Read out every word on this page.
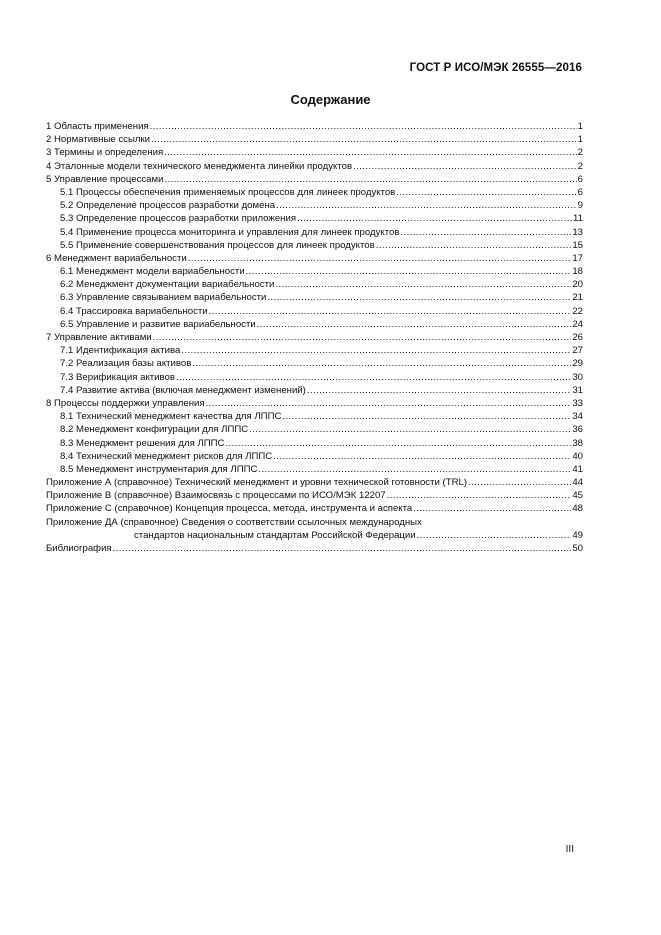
ГОСТ Р ИСО/МЭК 26555—2016
Содержание
1 Область применения .....	1
2 Нормативные ссылки .....	1
3 Термины и определения .....	2
4 Эталонные модели технического менеджмента линейки продуктов .....	2
5 Управление процессами .....	6
5.1 Процессы обеспечения применяемых процессов для линеек продуктов .....	6
5.2 Определение процессов разработки домена .....	9
5.3 Определение процессов разработки приложения .....	11
5.4 Применение процесса мониторинга и управления для линеек продуктов .....	13
5.5 Применение совершенствования процессов для линеек продуктов .....	15
6 Менеджмент вариабельности .....	17
6.1 Менеджмент модели вариабельности .....	18
6.2 Менеджмент документации вариабельности .....	20
6.3 Управление связыванием вариабельности .....	21
6.4 Трассировка вариабельности .....	22
6.5 Управление и развитие вариабельности .....	24
7 Управление активами .....	26
7.1 Идентификация актива .....	27
7.2 Реализация базы активов .....	29
7.3 Верификация активов .....	30
7.4 Развитие актива (включая менеджмент изменений) .....	31
8 Процессы поддержки управления .....	33
8.1 Технический менеджмент качества для ЛППС .....	34
8.2 Менеджмент конфигурации для ЛППС .....	36
8.3 Менеджмент решения для ЛППС .....	38
8.4 Технический менеджмент рисков для ЛППС .....	40
8.5 Менеджмент инструментария для ЛППС .....	41
Приложение А (справочное) Технический менеджмент и уровни технической готовности (TRL) .....	44
Приложение В (справочное) Взаимосвязь с процессами по ИСО/МЭК 12207 .....	45
Приложение С (справочное) Концепция процесса, метода, инструмента и аспекта .....	48
Приложение ДА (справочное) Сведения о соответствии ссылочных международных
стандартов национальным стандартам Российской Федерации .....	49
Библиография .....	50
III
